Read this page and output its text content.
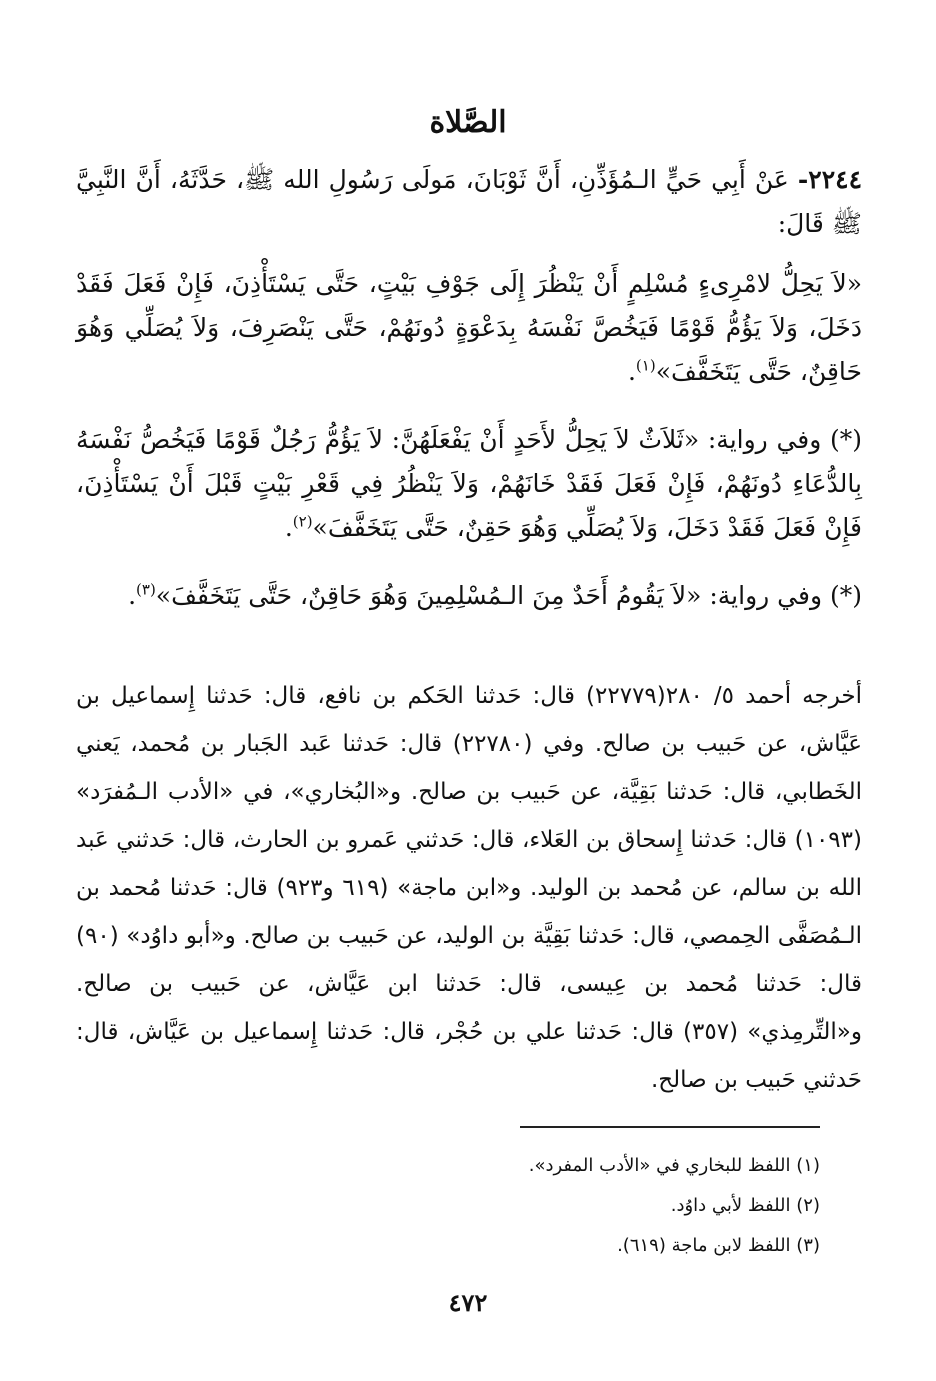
الصَّلاة

٢٢٤٤- عَنْ أَبِي حَيٍّ الـمُؤَذِّنِ، أَنَّ ثَوْبَانَ، مَولَى رَسُولِ الله ﷺ، حَدَّثَهُ، أَنَّ النَّبِيَّ ﷺ قَالَ:

«لاَ يَحِلُّ لامْرِىءٍ مُسْلِمٍ أَنْ يَنْظُرَ إِلَى جَوْفِ بَيْتٍ، حَتَّى يَسْتَأْذِنَ، فَإِنْ فَعَلَ فَقَدْ دَخَلَ، وَلاَ يَؤُمُّ قَوْمًا فَيَخُصَّ نَفْسَهُ بِدَعْوَةٍ دُونَهُمْ، حَتَّى يَنْصَرِفَ، وَلاَ يُصَلِّي وَهُوَ حَاقِنٌ، حَتَّى يَتَخَفَّفَ»$^{(١)}$.

(*) وفي رواية: «ثَلاَثٌ لاَ يَحِلُّ لأَحَدٍ أَنْ يَفْعَلَهُنَّ: لاَ يَؤُمُّ رَجُلٌ قَوْمًا فَيَخُصُّ نَفْسَهُ بِالدُّعَاءِ دُونَهُمْ، فَإِنْ فَعَلَ فَقَدْ خَانَهُمْ، وَلاَ يَنْظُرُ فِي قَعْرِ بَيْتٍ قَبْلَ أَنْ يَسْتَأْذِنَ، فَإِنْ فَعَلَ فَقَدْ دَخَلَ، وَلاَ يُصَلِّي وَهُوَ حَقِنٌ، حَتَّى يَتَخَفَّفَ»$^{(٢)}$.

(*) وفي رواية: «لاَ يَقُومُ أَحَدٌ مِنَ الـمُسْلِمِينَ وَهُوَ حَاقِنٌ، حَتَّى يَتَخَفَّفَ»$^{(٣)}$.

أخرجه أحمد ٥/ ٢٨٠(٢٢٧٧٩) قال: حَدثنا الحَكم بن نافع، قال: حَدثنا إِسماعيل بن عَيَّاش، عن حَبيب بن صالح. وفي (٢٢٧٨٠) قال: حَدثنا عَبد الجَبار بن مُحمد، يَعني الخَطابي، قال: حَدثنا بَقِيَّة، عن حَبيب بن صالح. و«البُخاري»، في «الأدب الـمُفرَد» (١٠٩٣) قال: حَدثنا إِسحاق بن العَلاء، قال: حَدثني عَمرو بن الحارث، قال: حَدثني عَبد الله بن سالم، عن مُحمد بن الوليد. و«ابن ماجة» (٦١٩ و٩٢٣) قال: حَدثنا مُحمد بن الـمُصَفَّى الحِمصي، قال: حَدثنا بَقِيَّة بن الوليد، عن حَبيب بن صالح. و«أبو داوُد» (٩٠) قال: حَدثنا مُحمد بن عِيسى، قال: حَدثنا ابن عَيَّاش، عن حَبيب بن صالح. و«التِّرمِذي» (٣٥٧) قال: حَدثنا علي بن حُجْر، قال: حَدثنا إِسماعيل بن عَيَّاش، قال: حَدثني حَبيب بن صالح.

(١) اللفظ للبخاري في «الأدب المفرد».
(٢) اللفظ لأبي داوُد.
(٣) اللفظ لابن ماجة (٦١٩).
٤٧٢
